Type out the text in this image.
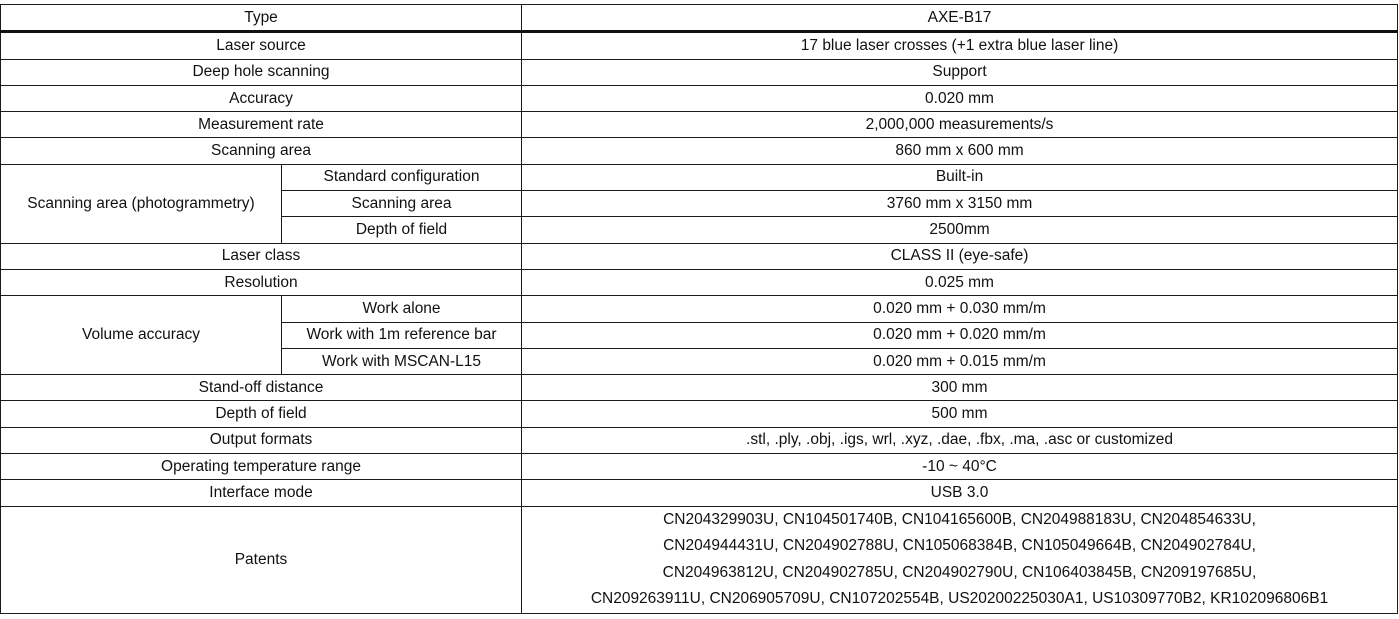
Type		AXE-B17
Laser source		17 blue laser crosses (+1 extra blue laser line)
Deep hole scanning		Support
Accuracy		0.020 mm
Measurement rate		2,000,000 measurements/s
Scanning area		860 mm x 600 mm
Scanning area (photogrammetry)	Standard configuration	Built-in
	Scanning area	3760 mm x 3150 mm
	Depth of field	2500mm
Laser class		CLASS II (eye-safe)
Resolution		0.025 mm
Volume accuracy	Work alone	0.020 mm + 0.030 mm/m
	Work with 1m reference bar	0.020 mm + 0.020 mm/m
	Work with MSCAN-L15	0.020 mm + 0.015 mm/m
Stand-off distance		300 mm
Depth of field		500 mm
Output formats		.stl, .ply, .obj, .igs, wrl, .xyz, .dae, .fbx, .ma, .asc or customized
Operating temperature range		-10 ~ 40°C
Interface mode		USB 3.0
Patents		CN204329903U, CN104501740B, CN104165600B, CN204988183U, CN204854633U,
CN204944431U, CN204902788U, CN105068384B, CN105049664B, CN204902784U,
CN204963812U, CN204902785U, CN204902790U, CN106403845B, CN209197685U,
CN209263911U, CN206905709U, CN107202554B, US20200225030A1, US10309770B2, KR102096806B1
